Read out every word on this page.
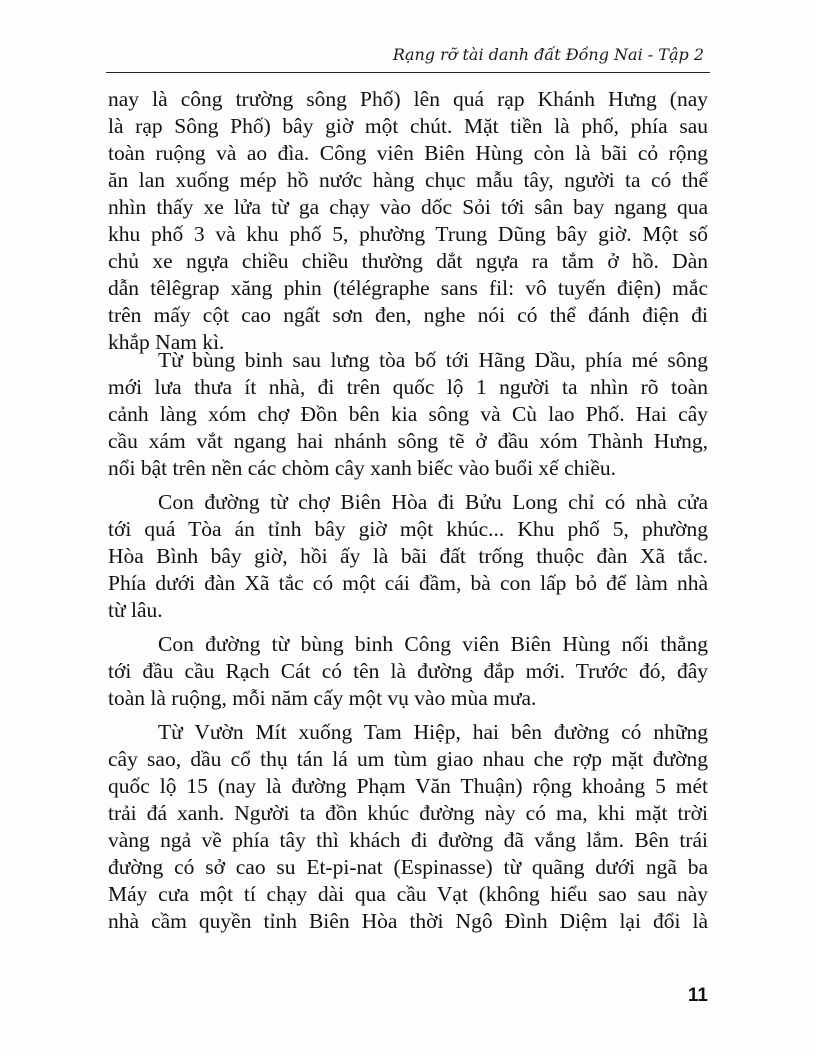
Rạng rỡ tài danh đất Đồng Nai - Tập 2
nay là công trường sông Phố) lên quá rạp Khánh Hưng (nay
là rạp Sông Phố) bây giờ một chút. Mặt tiền là phố, phía sau
toàn ruộng và ao đìa. Công viên Biên Hùng còn là bãi cỏ rộng
ăn lan xuống mép hồ nước hàng chục mẫu tây, người ta có thể
nhìn thấy xe lửa từ ga chạy vào dốc Sỏi tới sân bay ngang qua
khu phố 3 và khu phố 5, phường Trung Dũng bây giờ. Một số
chủ xe ngựa chiều chiều thường dắt ngựa ra tắm ở hồ. Dàn
dẫn têlêgrap xăng phin (télégraphe sans fil: vô tuyến điện) mắc
trên mấy cột cao ngất sơn đen, nghe nói có thể đánh điện đi
khắp Nam kì.
Từ bùng binh sau lưng tòa bố tới Hãng Dầu, phía mé sông
mới lưa thưa ít nhà, đi trên quốc lộ 1 người ta nhìn rõ toàn
cảnh làng xóm chợ Đồn bên kia sông và Cù lao Phố. Hai cây
cầu xám vắt ngang hai nhánh sông tẽ ở đầu xóm Thành Hưng,
nổi bật trên nền các chòm cây xanh biếc vào buổi xế chiều.
Con đường từ chợ Biên Hòa đi Bửu Long chỉ có nhà cửa
tới quá Tòa án tỉnh bây giờ một khúc... Khu phố 5, phường
Hòa Bình bây giờ, hồi ấy là bãi đất trống thuộc đàn Xã tắc.
Phía dưới đàn Xã tắc có một cái đầm, bà con lấp bỏ để làm nhà
từ lâu.
Con đường từ bùng binh Công viên Biên Hùng nối thẳng
tới đầu cầu Rạch Cát có tên là đường đắp mới. Trước đó, đây
toàn là ruộng, mỗi năm cấy một vụ vào mùa mưa.
Từ Vườn Mít xuống Tam Hiệp, hai bên đường có những
cây sao, dầu cổ thụ tán lá um tùm giao nhau che rợp mặt đường
quốc lộ 15 (nay là đường Phạm Văn Thuận) rộng khoảng 5 mét
trải đá xanh. Người ta đồn khúc đường này có ma, khi mặt trời
vàng ngả về phía tây thì khách đi đường đã vắng lắm. Bên trái
đường có sở cao su Et-pi-nat (Espinasse) từ quãng dưới ngã ba
Máy cưa một tí chạy dài qua cầu Vạt (không hiểu sao sau này
nhà cầm quyền tỉnh Biên Hòa thời Ngô Đình Diệm lại đổi là
11
